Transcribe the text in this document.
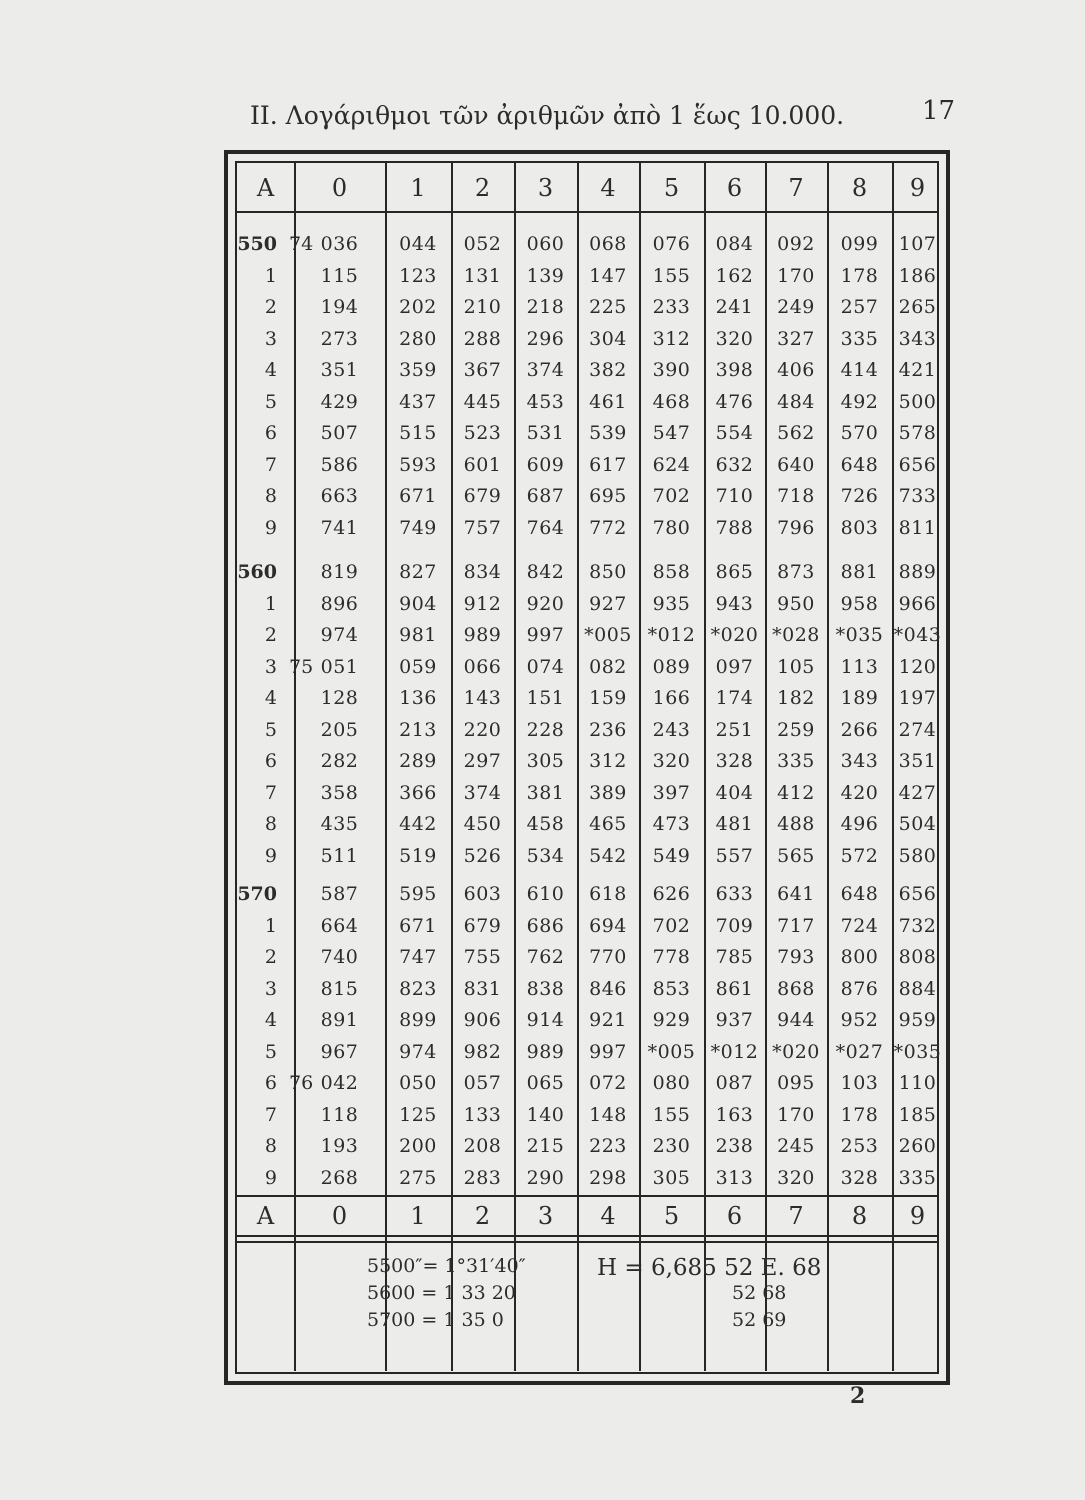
II. Λογάριθμοι τῶν ἀριθμῶν ἀπὸ 1 ἕως 10.000.	17
A	0	1	2	3	4	5	6	7	8	9
A	0	1	2	3	4	5	6	7	8	9
550 74 036	044	052	060	068	076	084	092	099	107
1	115	123	131	139	147	155	162	170	178	186
2	194	202	210	218	225	233	241	249	257	265
3	273	280	288	296	304	312	320	327	335	343
4	351	359	367	374	382	390	398	406	414	421
5	429	437	445	453	461	468	476	484	492	500
6	507	515	523	531	539	547	554	562	570	578
7	586	593	601	609	617	624	632	640	648	656
8	663	671	679	687	695	702	710	718	726	733
9	741	749	757	764	772	780	788	796	803	811
560	819	827	834	842	850	858	865	873	881	889
1	896	904	912	920	927	935	943	950	958	966
2	974	981	989	997	*005 *012 *020 *028 *035 *043
3 75 051	059	066	074	082	089	097	105	113	120
4	128	136	143	151	159	166	174	182	189	197
5	205	213	220	228	236	243	251	259	266	274
6	282	289	297	305	312	320	328	335	343	351
7	358	366	374	381	389	397	404	412	420	427
8	435	442	450	458	465	473	481	488	496	504
9	511	519	526	534	542	549	557	565	572	580
570	587	595	603	610	618	626	633	641	648	656
1	664	671	679	686	694	702	709	717	724	732
2	740	747	755	762	770	778	785	793	800	808
3	815	823	831	838	846	853	861	868	876	884
4	891	899	906	914	921	929	937	944	952	959
5	967	974	982	989	997	*005 *012 *020 *027 *035
6 76 042	050	057	065	072	080	087	095	103	110
7	118	125	133	140	148	155	163	170	178	185
8	193	200	208	215	223	230	238	245	253	260
9	268	275	283	290	298	305	313	320	328	335
5500″= 1°31′40″
5600 = 1 33 20
5700 = 1 35 0
H = 6,685 52 E. 68
52 68
52 69
2
